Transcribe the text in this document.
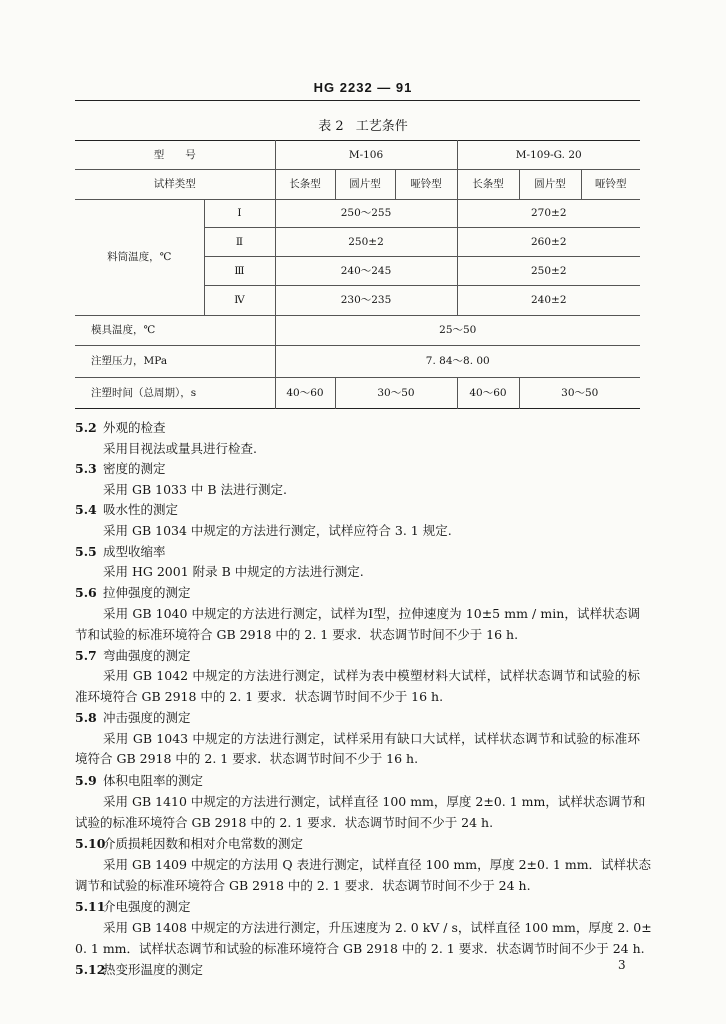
HG 2232 — 91
表 2 工艺条件
型　　号		M-106			M-109-G. 20		
试样类型		长条型	圆片型	哑铃型	长条型	圆片型	哑铃型
料筒温度，℃	Ⅰ	250～255			270±2		
	Ⅱ	250±2			260±2		
	Ⅲ	240～245			250±2		
	Ⅳ	230～235			240±2		
模具温度，℃		25～50					
注塑压力，MPa		7. 84～8. 00					
注塑时间（总周期），s		40～60	30～50		40～60	30～50	
5.2 外观的检查
采用目视法或量具进行检查.
5.3 密度的测定
采用 GB 1033 中 B 法进行测定.
5.4 吸水性的测定
采用 GB 1034 中规定的方法进行测定，试样应符合 3. 1 规定.
5.5 成型收缩率
采用 HG 2001 附录 B 中规定的方法进行测定.
5.6 拉伸强度的测定
采用 GB 1040 中规定的方法进行测定，试样为Ⅰ型，拉伸速度为 10±5 mm / min，试样状态调
节和试验的标准环境符合 GB 2918 中的 2. 1 要求．状态调节时间不少于 16 h.
5.7 弯曲强度的测定
采用 GB 1042 中规定的方法进行测定，试样为表中模塑材料大试样，试样状态调节和试验的标
准环境符合 GB 2918 中的 2. 1 要求．状态调节时间不少于 16 h.
5.8 冲击强度的测定
采用 GB 1043 中规定的方法进行测定，试样采用有缺口大试样，试样状态调节和试验的标准环
境符合 GB 2918 中的 2. 1 要求．状态调节时间不少于 16 h.
5.9 体积电阻率的测定
采用 GB 1410 中规定的方法进行测定，试样直径 100 mm，厚度 2±0. 1 mm，试样状态调节和
试验的标准环境符合 GB 2918 中的 2. 1 要求．状态调节时间不少于 24 h.
5.10介质损耗因数和相对介电常数的测定
采用 GB 1409 中规定的方法用 Q 表进行测定，试样直径 100 mm，厚度 2±0. 1 mm．试样状态
调节和试验的标准环境符合 GB 2918 中的 2. 1 要求．状态调节时间不少于 24 h.
5.11介电强度的测定
采用 GB 1408 中规定的方法进行测定，升压速度为 2. 0 kV / s，试样直径 100 mm，厚度 2. 0±
0. 1 mm．试样状态调节和试验的标准环境符合 GB 2918 中的 2. 1 要求．状态调节时间不少于 24 h.
5.12热变形温度的测定	3
